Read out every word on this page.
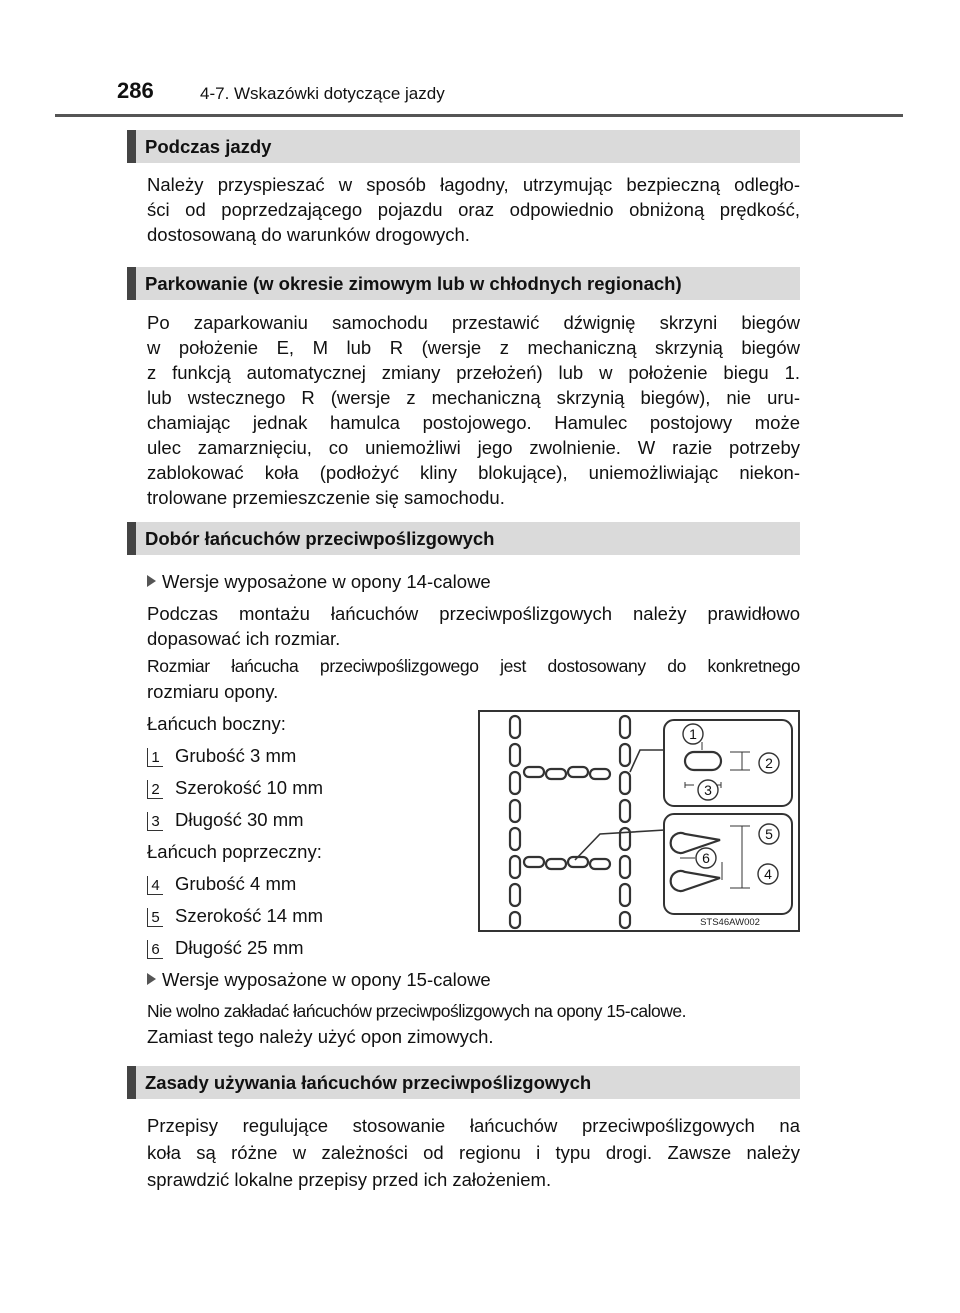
286	4-7. Wskazówki dotyczące jazdy
Podczas jazdy
Należy przyspieszać w sposób łagodny, utrzymując bezpieczną odległo-
ści od poprzedzającego pojazdu oraz odpowiednio obniżoną prędkość,
dostosowaną do warunków drogowych.
Parkowanie (w okresie zimowym lub w chłodnych regionach)
Po zaparkowaniu samochodu przestawić dźwignię skrzyni biegów
w położenie E, M lub R (wersje z mechaniczną skrzynią biegów
z funkcją automatycznej zmiany przełożeń) lub w położenie biegu 1.
lub wstecznego R (wersje z mechaniczną skrzynią biegów), nie uru-
chamiając jednak hamulca postojowego. Hamulec postojowy może
ulec zamarznięciu, co uniemożliwi jego zwolnienie. W razie potrzeby
zablokować koła (podłożyć kliny blokujące), uniemożliwiając niekon-
trolowane przemieszczenie się samochodu.
Dobór łańcuchów przeciwpoślizgowych
Wersje wyposażone w opony 14-calowe
Podczas montażu łańcuchów przeciwpoślizgowych należy prawidłowo
dopasować ich rozmiar.
Rozmiar łańcucha przeciwpoślizgowego jest dostosowany do konkretnego
rozmiaru opony.
Łańcuch boczny:
1 Grubość 3 mm
2 Szerokość 10 mm
3 Długość 30 mm
Łańcuch poprzeczny:
4 Grubość 4 mm
5 Szerokość 14 mm
6 Długość 25 mm
Wersje wyposażone w opony 15-calowe
Nie wolno zakładać łańcuchów przeciwpoślizgowych na opony 15-calowe.
Zamiast tego należy użyć opon zimowych.
1
2
3
4
5
6
STS46AW002
Zasady używania łańcuchów przeciwpoślizgowych
Przepisy regulujące stosowanie łańcuchów przeciwpoślizgowych na
koła są różne w zależności od regionu i typu drogi. Zawsze należy
sprawdzić lokalne przepisy przed ich założeniem.
